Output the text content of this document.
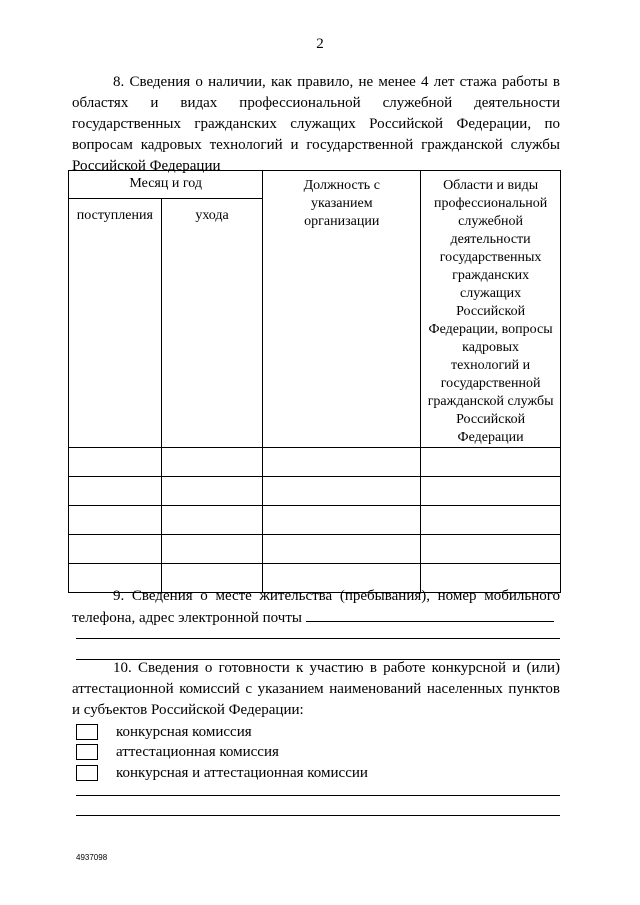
2
8. Сведения о наличии, как правило, не менее 4 лет стажа работы в областях и видах профессиональной служебной деятельности государственных гражданских служащих Российской Федерации, по вопросам кадровых технологий и государственной гражданской службы Российской Федерации
Месяц и год		Должность с указанием организации	Области и виды профессиональной служебной деятельности государственных гражданских служащих Российской Федерации, вопросы кадровых технологий и государственной гражданской службы Российской Федерации

поступления	ухода		

9. Сведения о месте жительства (пребывания), номер мобильного телефона, адрес электронной почты
10. Сведения о готовности к участию в работе конкурсной и (или) аттестационной комиссий с указанием наименований населенных пунктов и субъектов Российской Федерации:
конкурсная комиссия
аттестационная комиссия
конкурсная и аттестационная комиссии
4937098
